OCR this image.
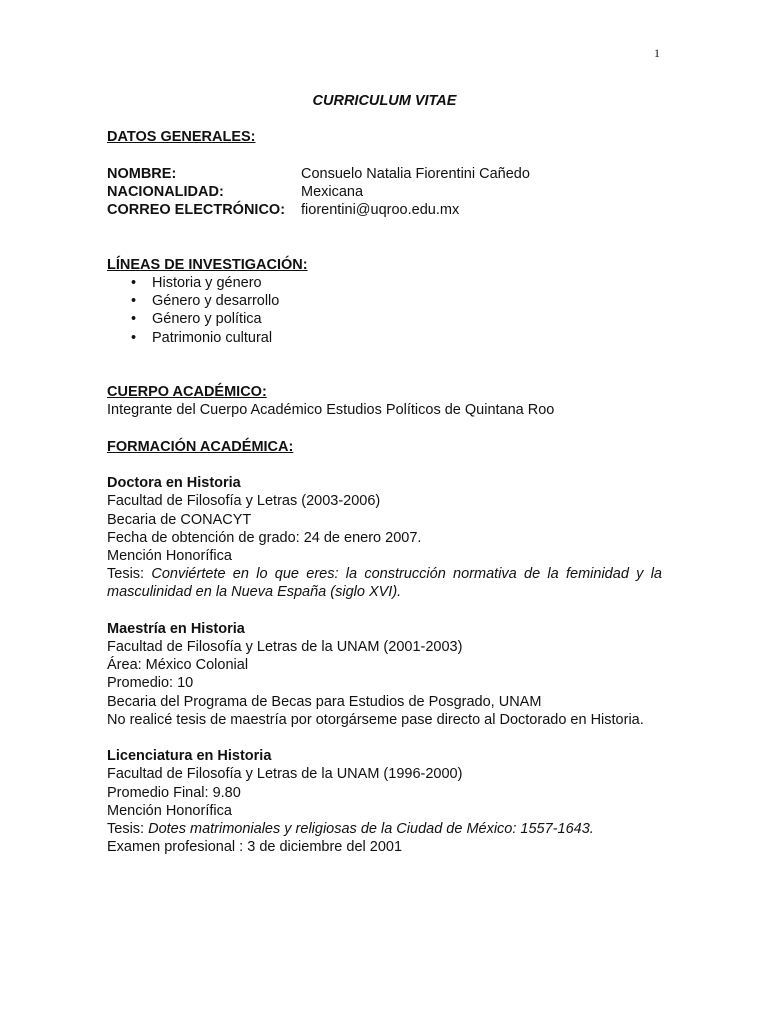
1

CURRICULUM VITAE

DATOS GENERALES:

NOMBRE:	Consuelo Natalia Fiorentini Cañedo
NACIONALIDAD:	Mexicana
CORREO ELECTRÓNICO:	fiorentini@uqroo.edu.mx

LÍNEAS DE INVESTIGACIÓN:

• Historia y género
• Género y desarrollo
• Género y política
• Patrimonio cultural

CUERPO ACADÉMICO:

Integrante del Cuerpo Académico Estudios Políticos de Quintana Roo

FORMACIÓN ACADÉMICA:

Doctora en Historia

Facultad de Filosofía y Letras (2003-2006)

Becaria de CONACYT

Fecha de obtención de grado: 24 de enero 2007.

Mención Honorífica

Tesis: Conviértete en lo que eres: la construcción normativa de la feminidad y la masculinidad en la Nueva España (siglo XVI).

Maestría en Historia

Facultad de Filosofía y Letras de la UNAM (2001-2003)

Área: México Colonial

Promedio: 10

Becaria del Programa de Becas para Estudios de Posgrado, UNAM

No realicé tesis de maestría por otorgárseme pase directo al Doctorado en Historia.

Licenciatura en Historia

Facultad de Filosofía y Letras de la UNAM (1996-2000)

Promedio Final: 9.80

Mención Honorífica

Tesis: Dotes matrimoniales y religiosas de la Ciudad de México: 1557-1643.

Examen profesional : 3 de diciembre del 2001
